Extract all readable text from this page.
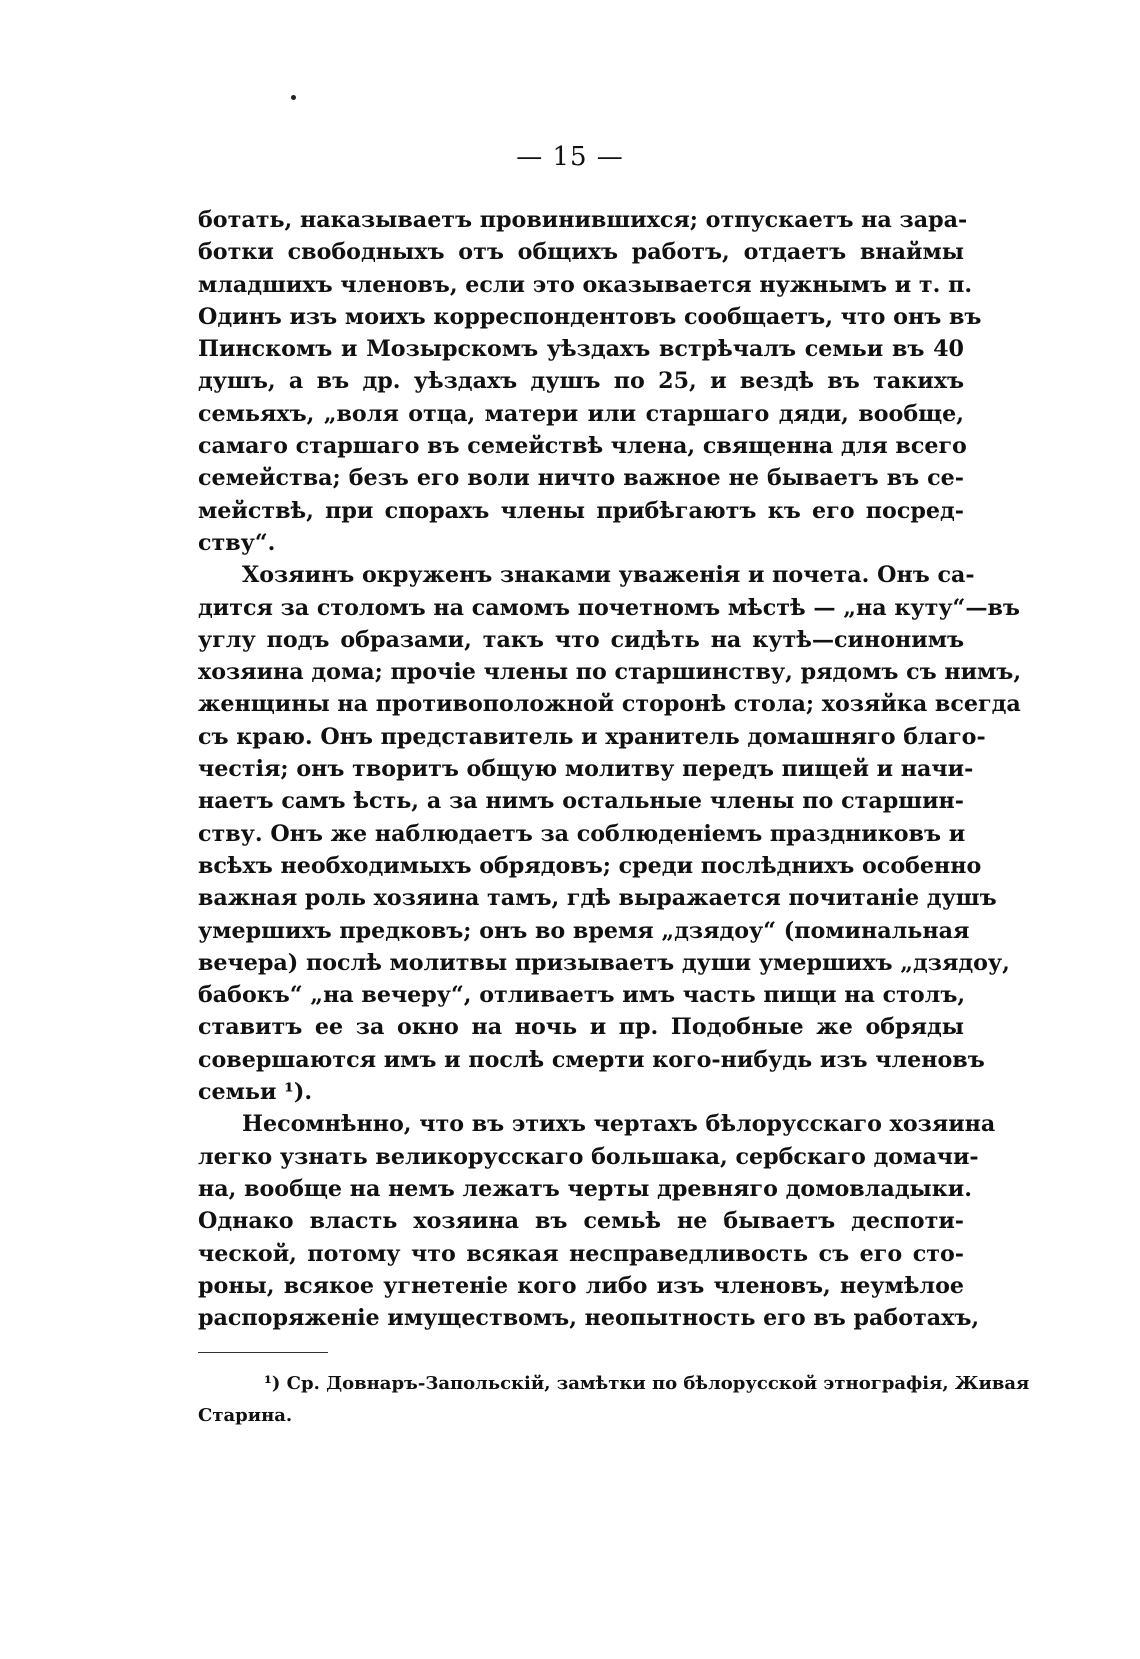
— 15 —
ботать, наказываетъ провинившихся; отпускаетъ на зара-
ботки свободныхъ отъ общихъ работъ, отдаетъ внаймы
младшихъ членовъ, если это оказывается нужнымъ и т. п.
Одинъ изъ моихъ корреспондентовъ сообщаетъ, что онъ въ
Пинскомъ и Мозырскомъ уѣздахъ встрѣчалъ семьи въ 40
душъ, а въ др. уѣздахъ душъ по 25, и вездѣ въ такихъ
семьяхъ, „воля отца, матери или старшаго дяди, вообще,
самаго старшаго въ семействѣ члена, священна для всего
семейства; безъ его воли ничто важное не бываетъ въ се-
мействѣ, при спорахъ члены прибѣгаютъ къ его посред-
ству“.
Хозяинъ окруженъ знаками уваженія и почета. Онъ са-
дится за столомъ на самомъ почетномъ мѣстѣ — „на куту“—въ
углу подъ образами, такъ что сидѣть на кутѣ—синонимъ
хозяина дома; прочіе члены по старшинству, рядомъ съ нимъ,
женщины на противоположной сторонѣ стола; хозяйка всегда
съ краю. Онъ представитель и хранитель домашняго благо-
честія; онъ творитъ общую молитву передъ пищей и начи-
наетъ самъ ѣсть, а за нимъ остальные члены по старшин-
ству. Онъ же наблюдаетъ за соблюденіемъ праздниковъ и
всѣхъ необходимыхъ обрядовъ; среди послѣднихъ особенно
важная роль хозяина тамъ, гдѣ выражается почитаніе душъ
умершихъ предковъ; онъ во время „дзядоу“ (поминальная
вечера) послѣ молитвы призываетъ души умершихъ „дзядоу,
бабокъ“ „на вечеру“, отливаетъ имъ часть пищи на столъ,
ставитъ ее за окно на ночь и пр. Подобные же обряды
совершаются имъ и послѣ смерти кого-нибудь изъ членовъ
семьи ¹).
Несомнѣнно, что въ этихъ чертахъ бѣлорусскаго хозяина
легко узнать великорусскаго большака, сербскаго домачи-
на, вообще на немъ лежатъ черты древняго домовладыки.
Однако власть хозяина въ семьѣ не бываетъ деспоти-
ческой, потому что всякая несправедливость съ его сто-
роны, всякое угнетеніе кого либо изъ членовъ, неумѣлое
распоряженіе имуществомъ, неопытность его въ работахъ,
¹) Ср. Довнаръ-Запольскій, замѣтки по бѣлорусской этнографія, Живая
Старина.
